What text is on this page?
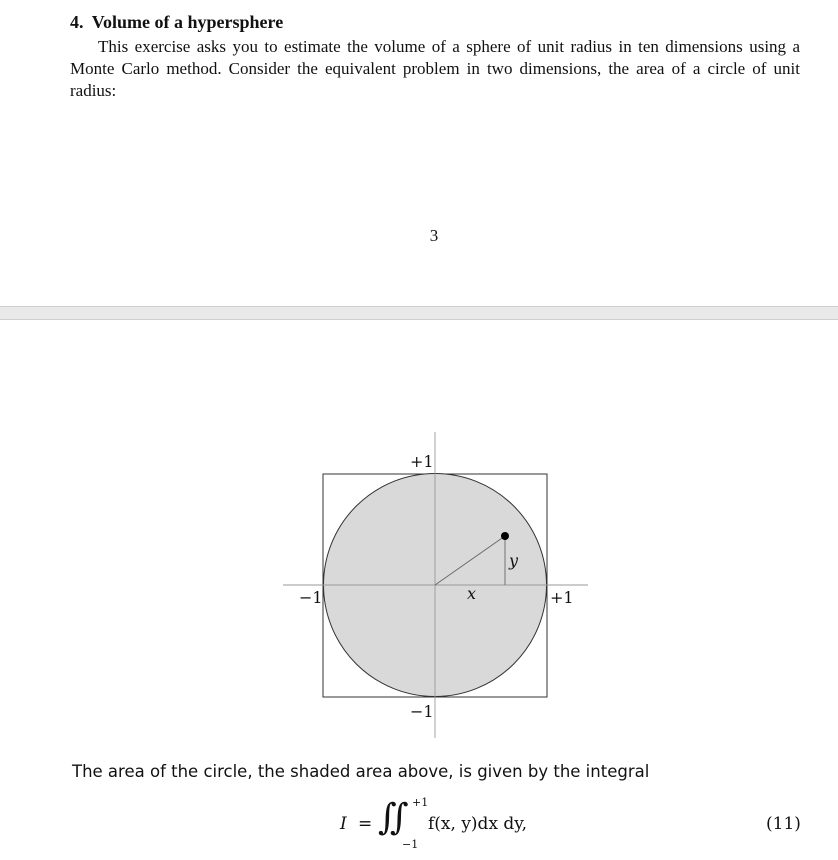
4. Volume of a hypersphere
This exercise asks you to estimate the volume of a sphere of unit radius in ten dimensions using a Monte Carlo method. Consider the equivalent problem in two dimensions, the area of a circle of unit radius:
3
+1
−1
−1	+1
x
y
The area of the circle, the shaded area above, is given by the integral
I = ∬ +1
−1
f(x, y)dx dy,	(11)
